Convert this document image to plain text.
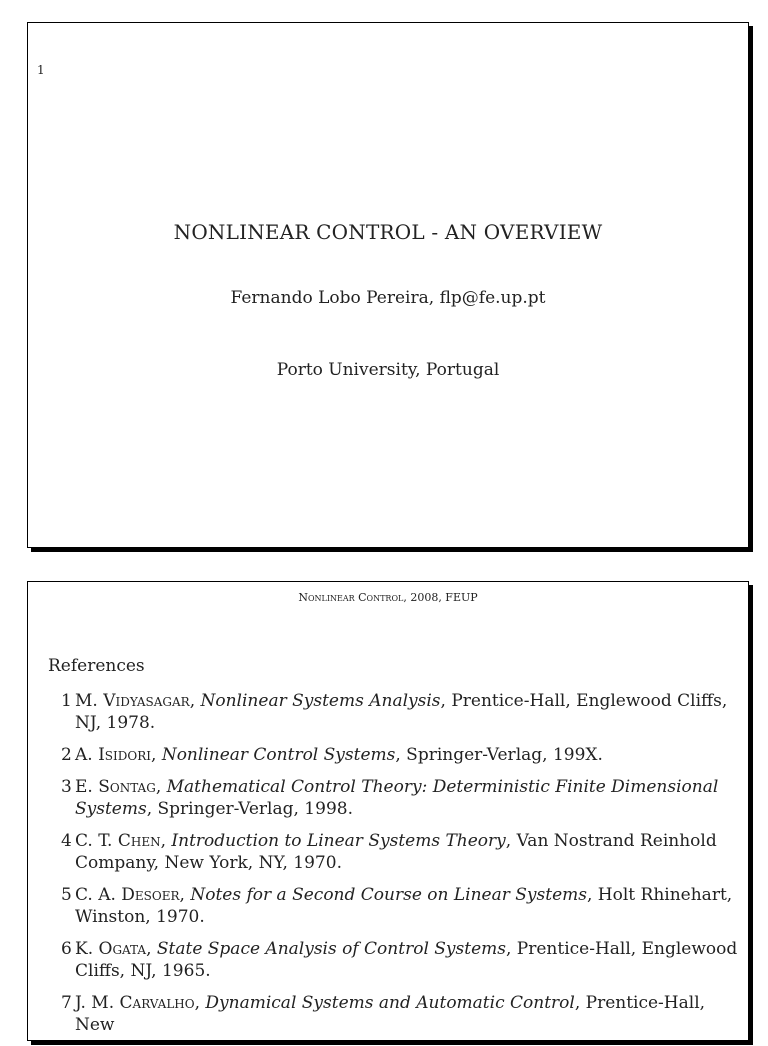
1
NONLINEAR CONTROL - AN OVERVIEW
Fernando Lobo Pereira, flp@fe.up.pt
Porto University, Portugal
Nonlinear Control, 2008, FEUP
References
1 M. Vidyasagar, Nonlinear Systems Analysis, Prentice-Hall, Englewood Cliffs, NJ, 1978.
2 A. Isidori, Nonlinear Control Systems, Springer-Verlag, 199X.
3 E. Sontag, Mathematical Control Theory: Deterministic Finite Dimensional Systems, Springer-Verlag, 1998.
4 C. T. Chen, Introduction to Linear Systems Theory, Van Nostrand Reinhold Company, New York, NY, 1970.
5 C. A. Desoer, Notes for a Second Course on Linear Systems, Holt Rhinehart, Winston, 1970.
6 K. Ogata, State Space Analysis of Control Systems, Prentice-Hall, Englewood Cliffs, NJ, 1965.
7 J. M. Carvalho, Dynamical Systems and Automatic Control, Prentice-Hall, New
